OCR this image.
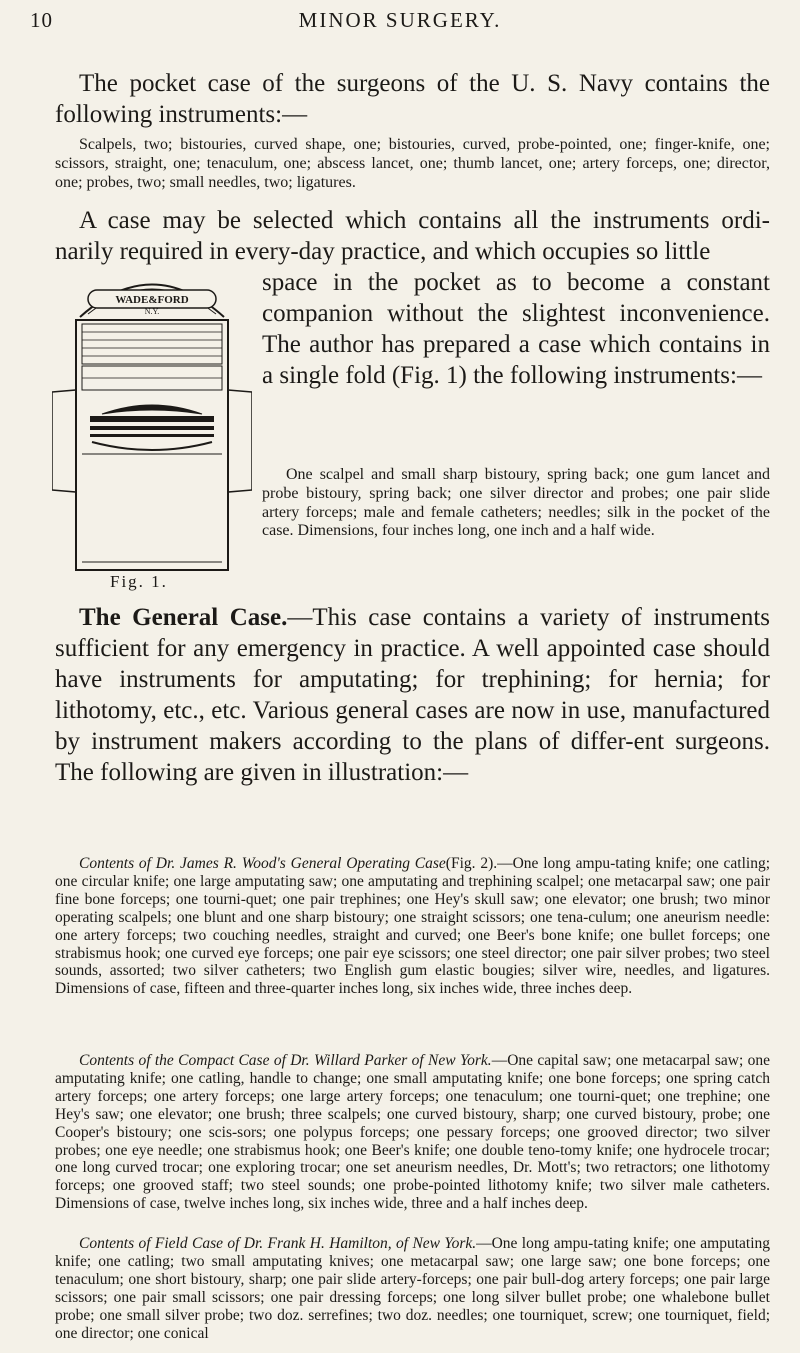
10	MINOR SURGERY.
The pocket case of the surgeons of the U. S. Navy contains the following instruments:—
Scalpels, two; bistouries, curved shape, one; bistouries, curved, probe-pointed, one; finger-knife, one; scissors, straight, one; tenaculum, one; abscess lancet, one; thumb lancet, one; artery forceps, one; director, one; probes, two; small needles, two; ligatures.
A case may be selected which contains all the instruments ordi-narily required in every-day practice, and which occupies so little
WADE&FORD
N.Y.
Fig. 1.
space in the pocket as to become a constant companion without the slightest inconvenience. The author has prepared a case which contains in a single fold (Fig. 1) the following instruments:—
One scalpel and small sharp bistoury, spring back; one gum lancet and probe bistoury, spring back; one silver director and probes; one pair slide artery forceps; male and female catheters; needles; silk in the pocket of the case. Dimensions, four inches long, one inch and a half wide.
The General Case.—This case contains a variety of instruments sufficient for any emergency in practice. A well appointed case should have instruments for amputating; for trephining; for hernia; for lithotomy, etc., etc. Various general cases are now in use, manufactured by instrument makers according to the plans of differ-ent surgeons. The following are given in illustration:—
Contents of Dr. James R. Wood's General Operating Case(Fig. 2).—One long ampu-tating knife; one catling; one circular knife; one large amputating saw; one amputating and trephining scalpel; one metacarpal saw; one pair fine bone forceps; one tourni-quet; one pair trephines; one Hey's skull saw; one elevator; one brush; two minor operating scalpels; one blunt and one sharp bistoury; one straight scissors; one tena-culum; one aneurism needle: one artery forceps; two couching needles, straight and curved; one Beer's bone knife; one bullet forceps; one strabismus hook; one curved eye forceps; one pair eye scissors; one steel director; one pair silver probes; two steel sounds, assorted; two silver catheters; two English gum elastic bougies; silver wire, needles, and ligatures. Dimensions of case, fifteen and three-quarter inches long, six inches wide, three inches deep.
Contents of the Compact Case of Dr. Willard Parker of New York.—One capital saw; one metacarpal saw; one amputating knife; one catling, handle to change; one small amputating knife; one bone forceps; one spring catch artery forceps; one artery forceps; one large artery forceps; one tenaculum; one tourni-quet; one trephine; one Hey's saw; one elevator; one brush; three scalpels; one curved bistoury, sharp; one curved bistoury, probe; one Cooper's bistoury; one scis-sors; one polypus forceps; one pessary forceps; one grooved director; two silver probes; one eye needle; one strabismus hook; one Beer's knife; one double teno-tomy knife; one hydrocele trocar; one long curved trocar; one exploring trocar; one set aneurism needles, Dr. Mott's; two retractors; one lithotomy forceps; one grooved staff; two steel sounds; one probe-pointed lithotomy knife; two silver male catheters. Dimensions of case, twelve inches long, six inches wide, three and a half inches deep.
Contents of Field Case of Dr. Frank H. Hamilton, of New York.—One long ampu-tating knife; one amputating knife; one catling; two small amputating knives; one metacarpal saw; one large saw; one bone forceps; one tenaculum; one short bistoury, sharp; one pair slide artery-forceps; one pair bull-dog artery forceps; one pair large scissors; one pair small scissors; one pair dressing forceps; one long silver bullet probe; one whalebone bullet probe; one small silver probe; two doz. serrefines; two doz. needles; one tourniquet, screw; one tourniquet, field; one director; one conical
